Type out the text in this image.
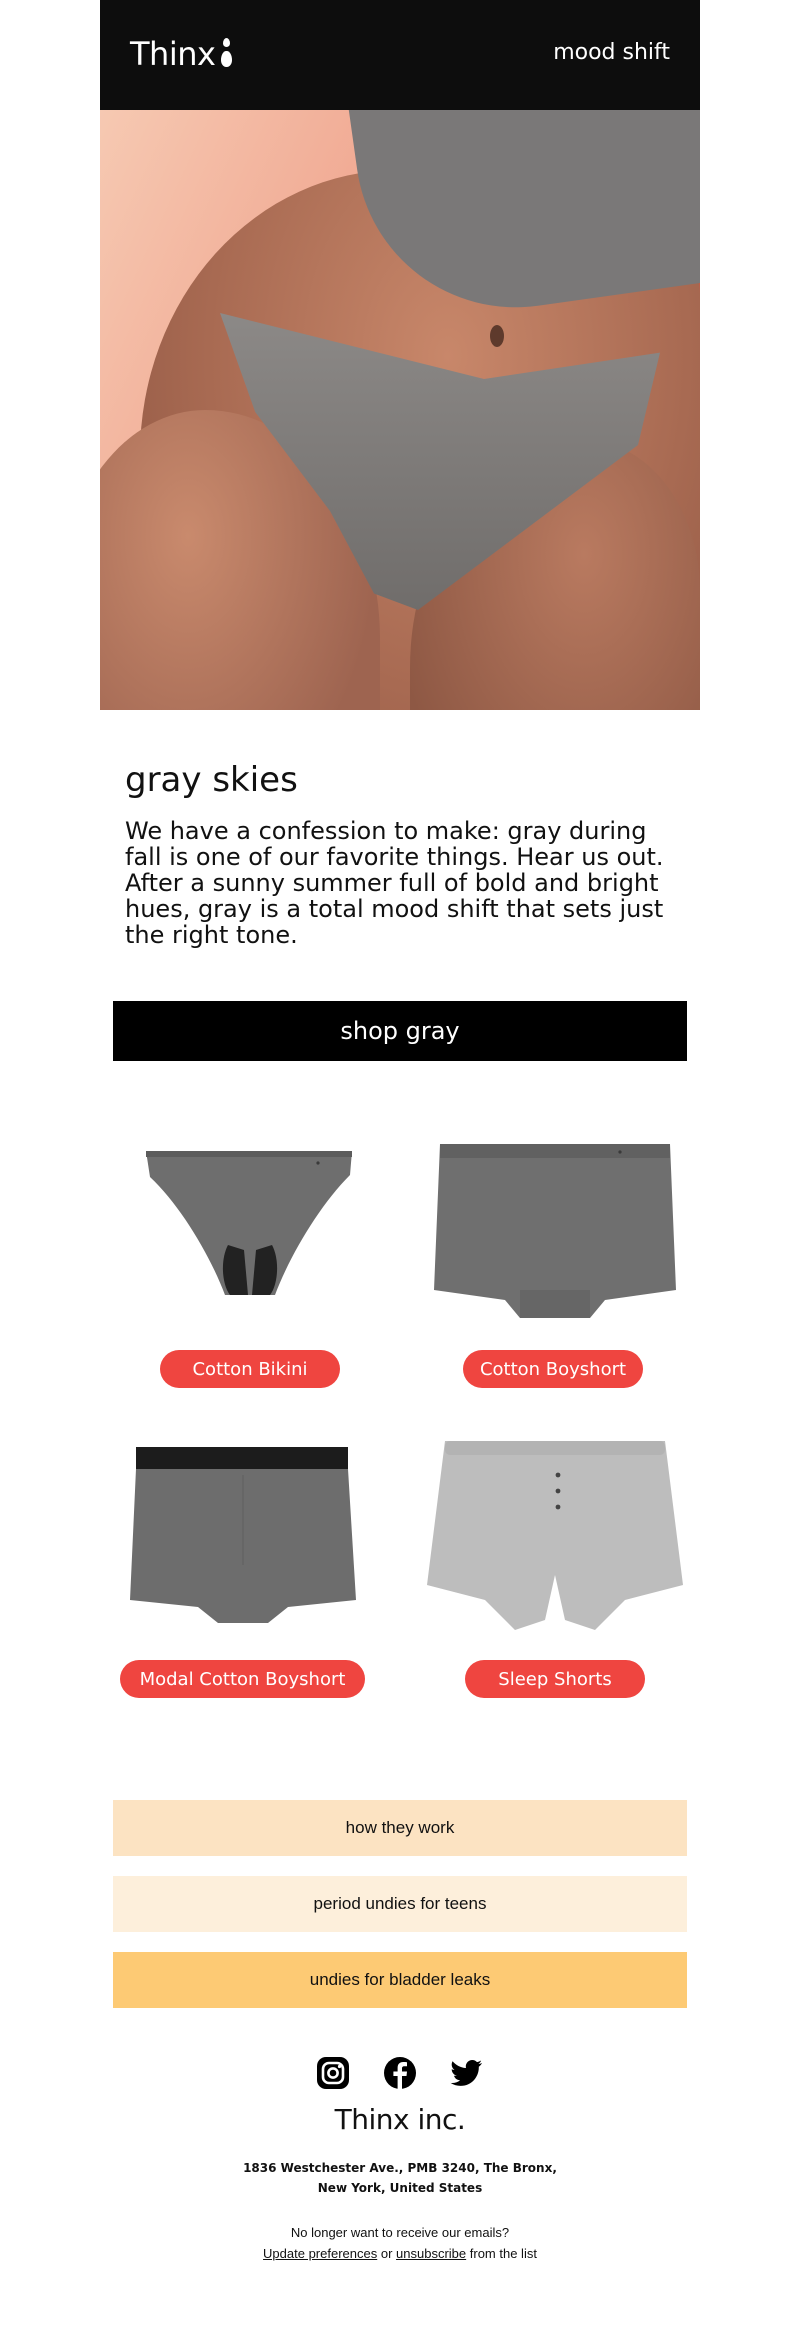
Thinx	mood shift
gray skies

We have a confession to make: gray during fall is one of our favorite things. Hear us out. After a sunny summer full of bold and bright hues, gray is a total mood shift that sets just the right tone.

shop gray
Cotton Bikini	Cotton Boyshort
Modal Cotton Boyshort	Sleep Shorts
how they work
period undies for teens
undies for bladder leaks
Thinx inc.
1836 Westchester Ave., PMB 3240, The Bronx, New York, United States
No longer want to receive our emails?
Update preferences or unsubscribe from the list
